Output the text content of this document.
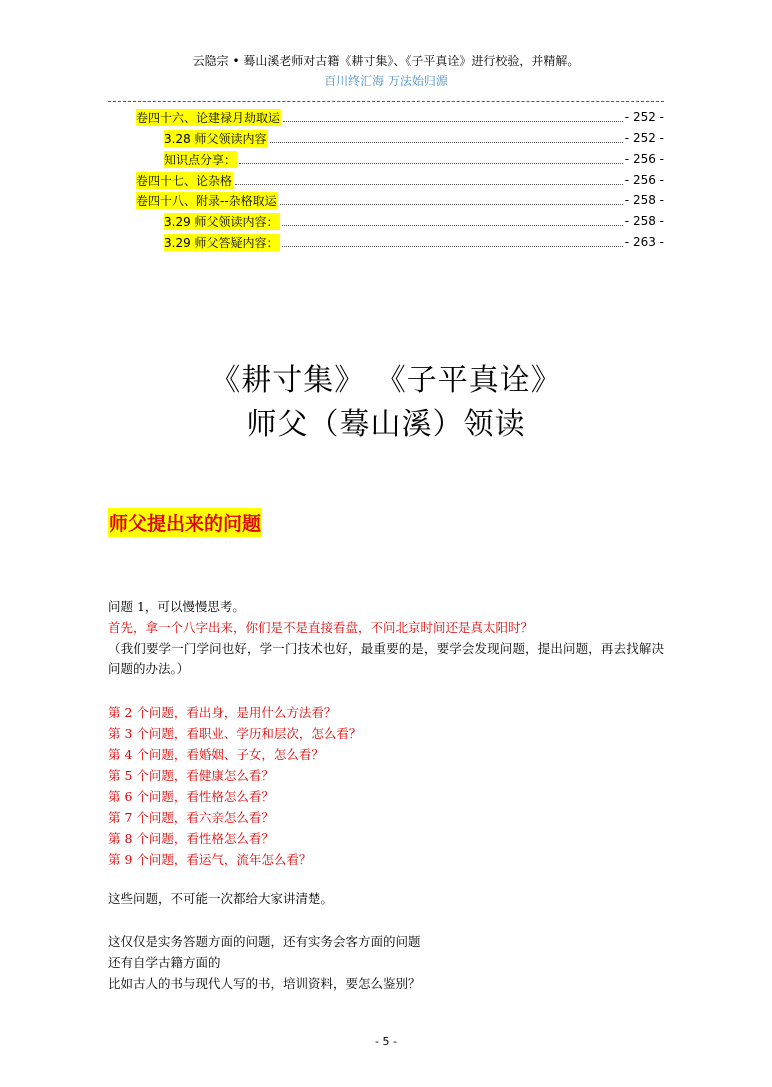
云隐宗 • 蓦山溪老师对古籍《耕寸集》、《子平真诠》进行校验，并精解。
百川终汇海 万法始归源
卷四十六、论建禄月劫取运	- 252 -
3.28 师父领读内容	- 252 -
知识点分享：	- 256 -
卷四十七、论杂格	- 256 -
卷四十八、附录--杂格取运	- 258 -
3.29 师父领读内容：	- 258 -
3.29 师父答疑内容：	- 263 -
《耕寸集》 《子平真诠》
师父（蓦山溪）领读
师父提出来的问题
问题 1，可以慢慢思考。
首先，拿一个八字出来，你们是不是直接看盘，不问北京时间还是真太阳时？
（我们要学一门学问也好，学一门技术也好，最重要的是，要学会发现问题，提出问题，再去找解决问题的办法。）
第 2 个问题，看出身，是用什么方法看？
第 3 个问题，看职业、学历和层次，怎么看？
第 4 个问题，看婚姻、子女，怎么看？
第 5 个问题，看健康怎么看？
第 6 个问题，看性格怎么看？
第 7 个问题，看六亲怎么看？
第 8 个问题，看性格怎么看？
第 9 个问题，看运气，流年怎么看？
这些问题，不可能一次都给大家讲清楚。
这仅仅是实务答题方面的问题，还有实务会客方面的问题
还有自学古籍方面的
比如古人的书与现代人写的书，培训资料，要怎么鉴别？
- 5 -
